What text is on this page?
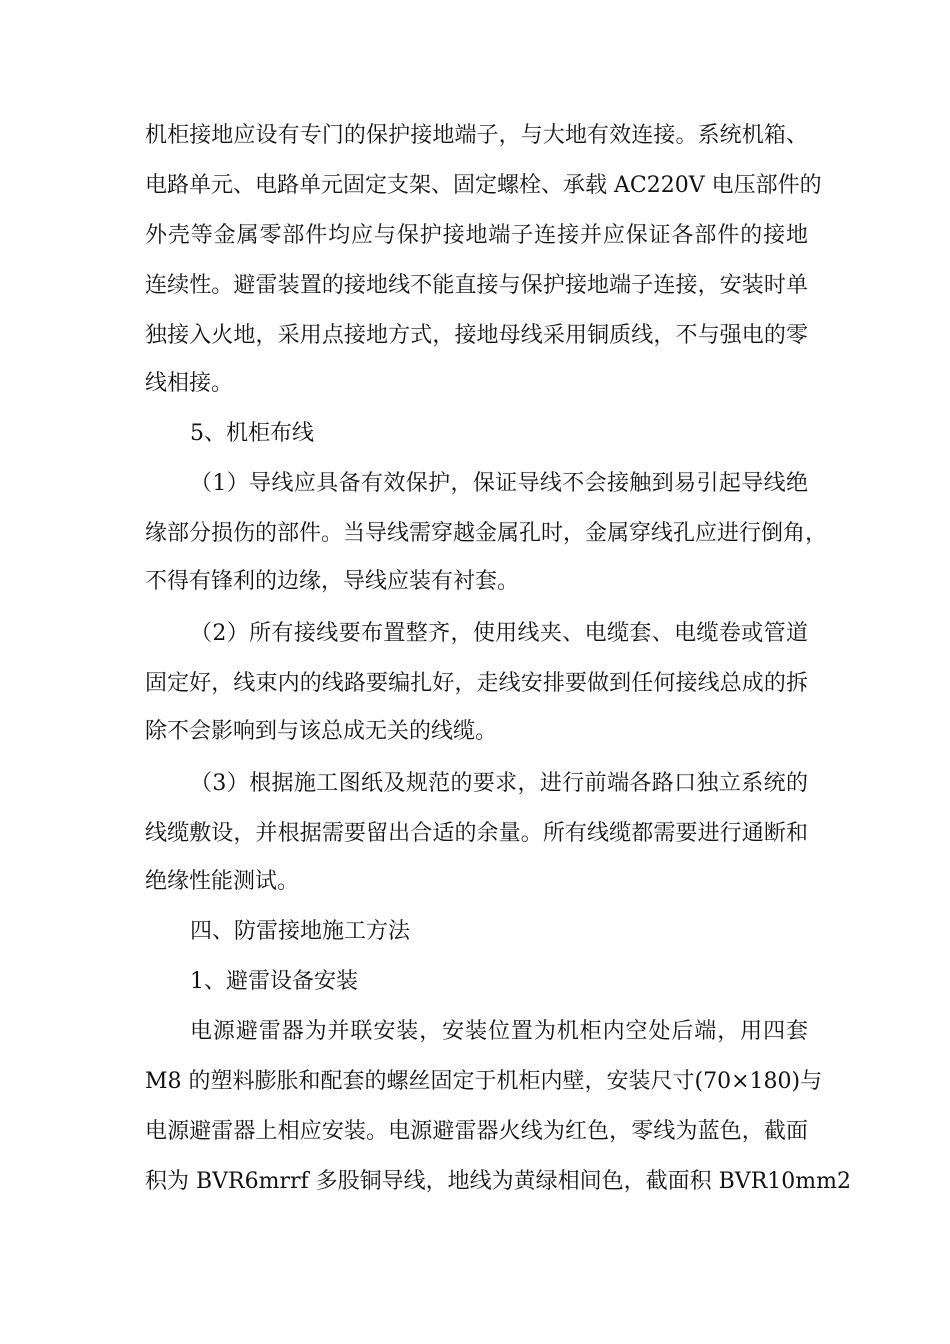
机柜接地应设有专门的保护接地端子，与大地有效连接。系统机箱、
电路单元、电路单元固定支架、固定螺栓、承载 AC220V 电压部件的
外壳等金属零部件均应与保护接地端子连接并应保证各部件的接地
连续性。避雷装置的接地线不能直接与保护接地端子连接，安装时单
独接入火地，采用点接地方式，接地母线采用铜质线，不与强电的零
线相接。
5、机柜布线
（1）导线应具备有效保护，保证导线不会接触到易引起导线绝
缘部分损伤的部件。当导线需穿越金属孔时，金属穿线孔应进行倒角，
不得有锋利的边缘，导线应装有衬套。
（2）所有接线要布置整齐，使用线夹、电缆套、电缆卷或管道
固定好，线束内的线路要编扎好，走线安排要做到任何接线总成的拆
除不会影响到与该总成无关的线缆。
（3）根据施工图纸及规范的要求，进行前端各路口独立系统的
线缆敷设，并根据需要留出合适的余量。所有线缆都需要进行通断和
绝缘性能测试。
四、防雷接地施工方法
1、避雷设备安装
电源避雷器为并联安装，安装位置为机柜内空处后端，用四套
M8 的塑料膨胀和配套的螺丝固定于机柜内壁，安装尺寸(70×180)与
电源避雷器上相应安装。电源避雷器火线为红色，零线为蓝色，截面
积为 BVR6mrrf 多股铜导线，地线为黄绿相间色，截面积 BVR10mm2
